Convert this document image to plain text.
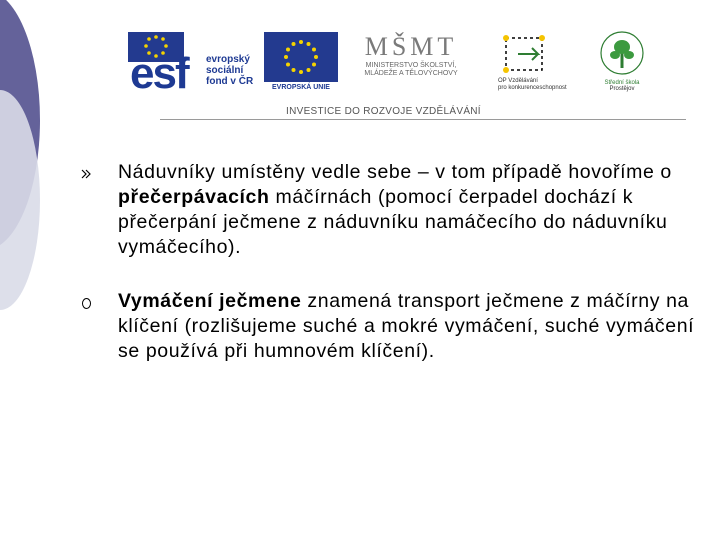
esf evropský
sociální
fond v ČR
EVROPSKÁ UNIE
MŠMT
MINISTERSTVO ŠKOLSTVÍ,
MLÁDEŽE A TĚLOVÝCHOVY
OP Vzdělávání
pro konkurenceschopnost
Střední škola
Prostějov
INVESTICE DO ROZVOJE VZDĚLÁVÁNÍ
Náduvníky umístěny vedle sebe – v tom případě hovoříme o přečerpávacích máčírnách (pomocí čerpadel dochází k přečerpání ječmene z náduvníku namáčecího do náduvníku vymáčecího).
Vymáčení ječmene znamená transport ječmene z máčírny na klíčení (rozlišujeme suché a mokré vymáčení, suché vymáčení se používá při humnovém klíčení).
